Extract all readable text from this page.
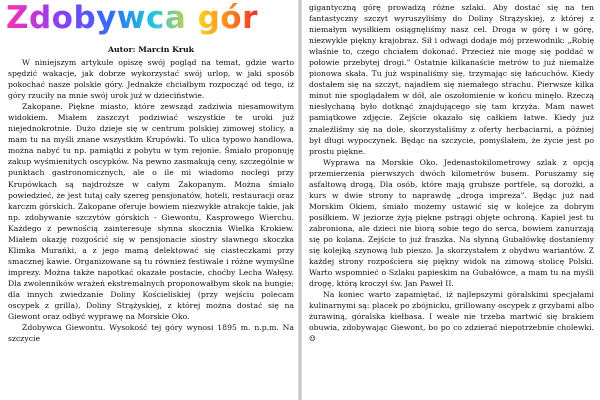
Zdobywca gór
Autor: Marcin Kruk

W niniejszym artykule opiszę swój pogląd na temat, gdzie warto spędzić wakacje, jak dobrze wykorzystać swój urlop, w jaki sposób pokochać nasze polskie góry. Jednakże chciałbym rozpocząć od tego, iż góry rzuciły na mnie swój urok już w dzieciństwie.

Zakopane. Piękne miasto, które zewsząd zadziwia niesamowitym widokiem. Miałem zaszczyt podziwiać wszystkie te uroki już niejednokrotnie. Dużo dzieje się w centrum polskiej zimowej stolicy, a mam tu na myśli znane wszystkim Krupówki. To ulica typowo handlowa, można nabyć tu np. pamiątki z pobytu w tym rejonie. Śmiało proponuję zakup wyśmienitych oscypków. Na pewno zasmakują ceny, szczególnie w punktach gastronomicznych, ale o ile mi wiadomo noclegi przy Krupówkach są najdroższe w całym Zakopanym. Można śmiało powiedzieć, że jest tutaj cały szereg pensjonatów, hoteli, restauracji oraz karczm górskich. Zakopane oferuje bowiem niezwykłe atrakcje takie, jak np. zdobywanie szczytów górskich - Giewontu, Kasprowego Wierchu. Każdego z pewnością zainteresuje słynna skocznia Wielka Krokiew. Miałem okazję rozgościć się w pensjonacie siostry sławnego skoczka Klimka Murańki, a z jego mamą delektować się ciasteczkami przy smacznej kawie. Organizowane są tu również festiwale i różne wymyślne imprezy. Można także napotkać okazałe postacie, choćby Lecha Wałęsy. Dla zwolenników wrażeń ekstremalnych proponowałbym skok na bungie; dla innych zwiedzanie Doliny Kościeliskiej (przy wejściu polecam oscypek z grilla), Doliny Strążyskiej, z której można dostać się na Giewont oraz odbyć wyprawę na Morskie Oko.

Zdobywca Giewontu. Wysokość tej góry wynosi 1895 m. n.p.m. Na szczycie

gigantyczną górę prowadzą różne szlaki. Aby dostać się na ten fantastyczny szczyt wyruszyliśmy do Doliny Strążyskiej, z której z niemałym wysiłkiem osiągnęliśmy nasz cel. Droga w górę i w górę, niezwykle piękny krajobraz. Sił i odwagi dodaje mój przewodnik: „Robię właśnie to, czego chciałem dokonać. Przecież nie mogę się poddać w połowie przebytej drogi.” Ostatnie kilkanaście metrów to już niemalże pionowa skała. Tu już wspinaliśmy się, trzymając się łańcuchów. Kiedy dostałem się na szczyt, najadłem się niemałego strachu. Pierwsze kilka minut nie spoglądałem w dół, ale oszołomienie w końcu minęło. Rzeczą niesłychaną było dotknąć znajdującego się tam krzyża. Mam nawet pamiątkowe zdjęcie. Zejście okazało się całkiem łatwe. Kiedy już znaleźliśmy się na dole, skorzystaliśmy z oferty herbaciarni, a później był długi wypoczynek. Będąc na szczycie, pomyślałem, że życie jest po prostu piękne.

Wyprawa na Morskie Oko. Jedenastokilometrowy szlak z opcją przemierzenia pierwszych dwóch kilometrów busem. Poruszamy się asfaltową drogą. Dla osób, które mają grubsze portfele, są dorożki, a kurs w dwie strony to naprawdę „droga impreza”. Będąc już nad Morskim Okiem, śmiało możemy ustawić się w kolejce za dobrym posiłkiem. W jeziorze żyją piękne pstrągi objęte ochroną. Kapiel jest tu zabroniona, ale dzieci nie biorą sobie tego do serca, bowiem zanurzają się po kolana. Zejście to już fraszka. Na słynną Gubałówkę dostaniemy się kolejką szynową lub pieszo. Ja skorzystałem z obydwu wariantów. Z każdej strony rozpościera się piękny widok na zimową stolicę Polski. Warto wspomnieć o Szlaku papieskim na Gubałówce, a mam tu na myśli drogę, którą kroczył św. Jan Paweł II.

Na koniec warto zapamiętać, iż najlepszymi góralskimi specjałami kulinarnymi są: placek po zbójnicku, grillowany oscypek z grzybami albo żurawiną, góralska kiełbasa. I weale nie trzeba martwić się brakiem obuwia, zdobywając Giewont, bo po co zdzierać niepotrzebnie cholewki. ☺
